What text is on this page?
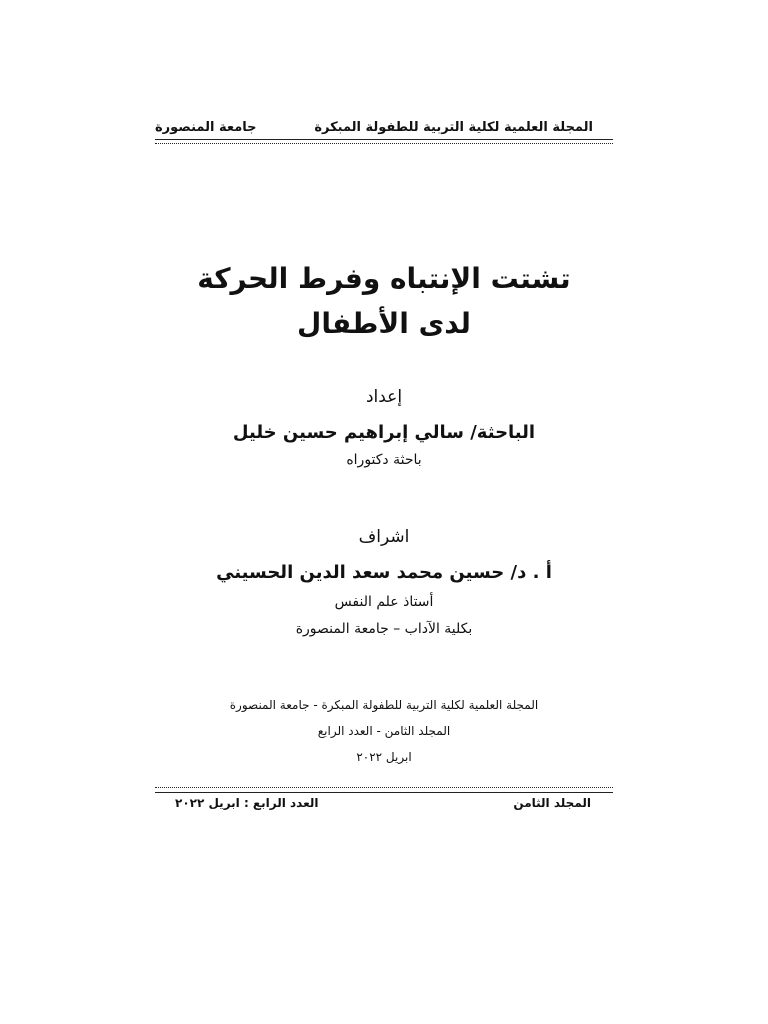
المجلة العلمية لكلية التربية للطفولة المبكرة
جامعة المنصورة
تشتت الإنتباه وفرط الحركة
لدى الأطفال
إعداد
الباحثة/ سالي إبراهيم حسين خليل
باحثة دكتوراه
اشراف
أ . د/ حسين محمد سعد الدين الحسيني
أستاذ علم النفس
بكلية الآداب – جامعة المنصورة
المجلة العلمية لكلية التربية للطفولة المبكرة - جامعة المنصورة
المجلد الثامن - العدد الرابع
ابريل ٢٠٢٢
المجلد الثامن
العدد الرابع : ابريل ٢٠٢٢
